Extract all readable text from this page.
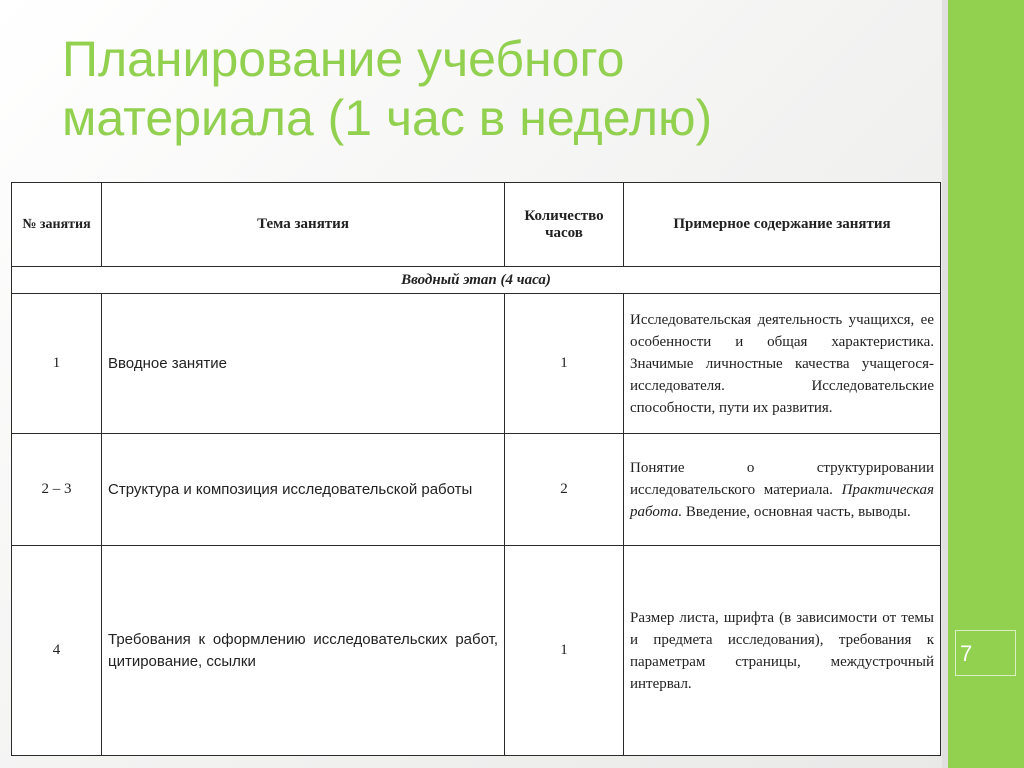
Планирование учебного
материала (1 час в неделю)
№ занятия	Тема занятия	Количество часов	Примерное содержание занятия
Вводный этап (4 часа)			
1	Вводное занятие	1	Исследовательская деятельность учащихся, ее особенности и общая характеристика. Значимые личностные качества учащегося-исследователя. Исследовательские способности, пути их развития.
2 – 3	Структура и композиция исследовательской работы	2	Понятие о структурировании исследовательского материала. Практическая работа. Введение, основная часть, выводы.
4	Требования к оформлению исследовательских работ, цитирование, ссылки	1	Размер листа, шрифта (в зависимости от темы и предмета исследования), требования к параметрам страницы, междустрочный интервал.
7
